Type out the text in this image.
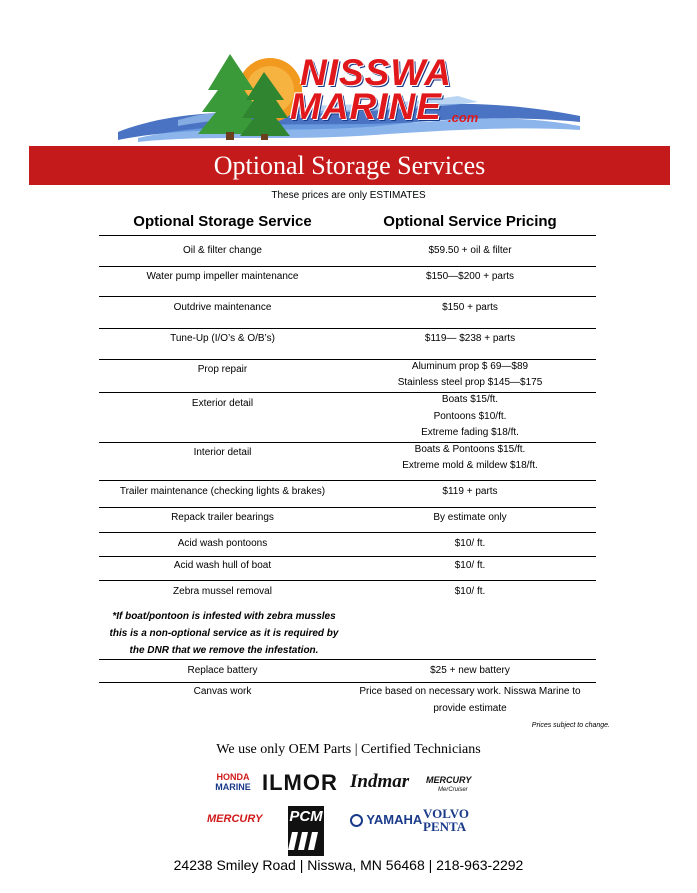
NISSWA
MARINE .com
Optional Storage Services
These prices are only ESTIMATES
Optional Storage Service	Optional Service Pricing
Oil & filter change	$59.50 + oil & filter
Water pump impeller maintenance	$150—$200 + parts
Outdrive maintenance	$150 + parts
Tune-Up (I/O’s & O/B’s)	$119— $238 + parts
Prop repair	Aluminum prop $ 69—$89
Stainless steel prop $145—$175
Exterior detail	Boats $15/ft.
Pontoons $10/ft.
Extreme fading $18/ft.
Interior detail	Boats & Pontoons $15/ft.
Extreme mold & mildew $18/ft.
Trailer maintenance (checking lights & brakes)	$119 + parts
Repack trailer bearings	By estimate only
Acid wash pontoons	$10/ ft.
Acid wash hull of boat	$10/ ft.
Zebra mussel removal	$10/ ft.
*If boat/pontoon is infested with zebra mussles
this is a non-optional service as it is required by
the DNR that we remove the infestation.
Replace battery	$25 + new battery
Canvas work	Price based on necessary work. Nisswa Marine to
provide estimate
Prices subject to change.
We use only OEM Parts | Certified Technicians
HONDA
MARINE ILMOR Indmar MERCURY
MerCruiser
MERCURY PCM	YAMAHA VOLVO
PENTA
24238 Smiley Road | Nisswa, MN 56468 | 218-963-2292
